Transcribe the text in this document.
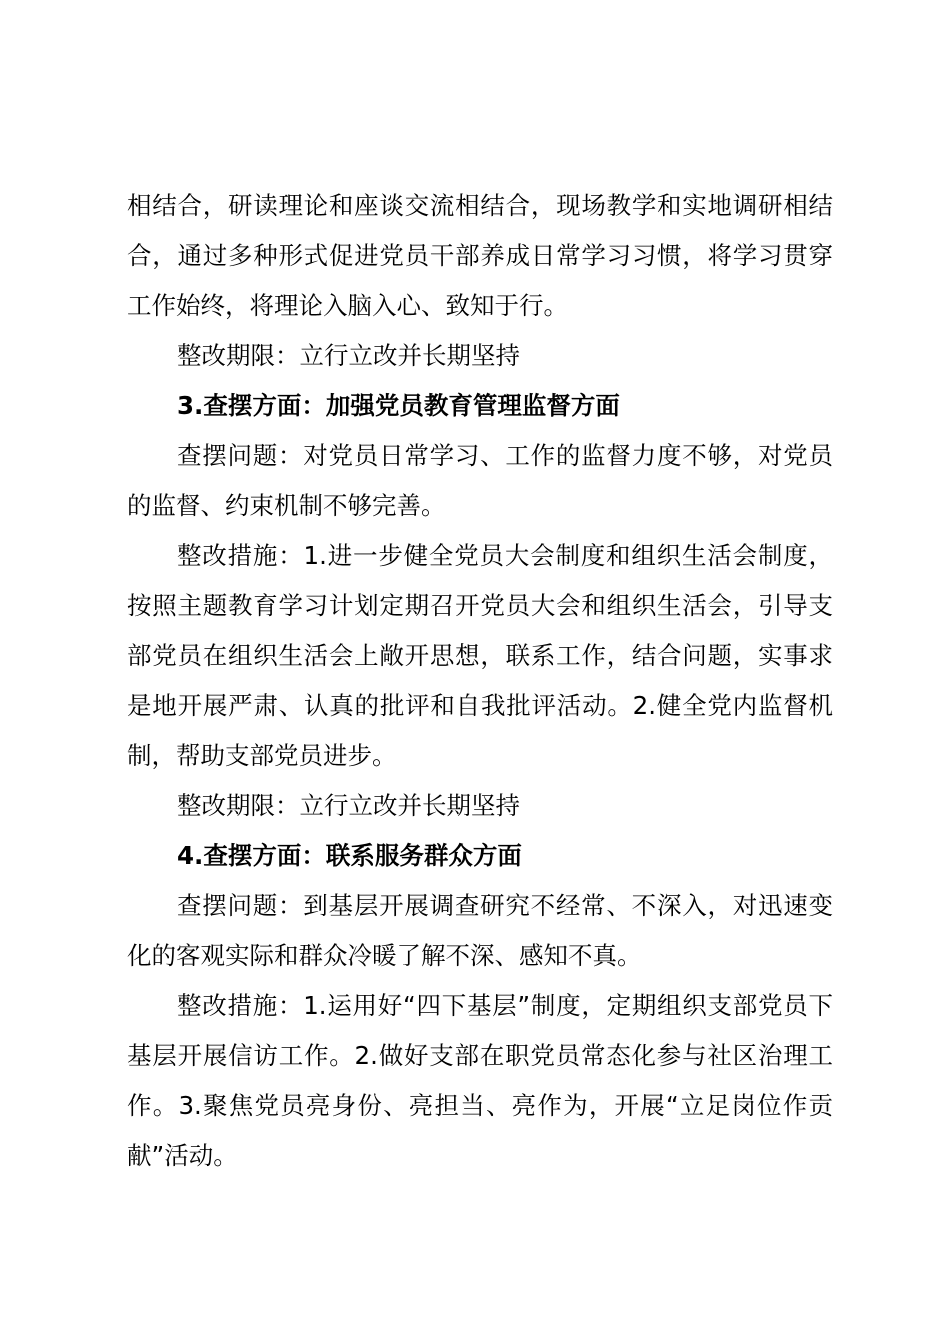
相结合，研读理论和座谈交流相结合，现场教学和实地调研相结合，通过多种形式促进党员干部养成日常学习习惯，将学习贯穿工作始终，将理论入脑入心、致知于行。

整改期限：立行立改并长期坚持

3.查摆方面：加强党员教育管理监督方面

查摆问题：对党员日常学习、工作的监督力度不够，对党员的监督、约束机制不够完善。

整改措施：1.进一步健全党员大会制度和组织生活会制度，按照主题教育学习计划定期召开党员大会和组织生活会，引导支部党员在组织生活会上敞开思想，联系工作，结合问题，实事求是地开展严肃、认真的批评和自我批评活动。2.健全党内监督机制，帮助支部党员进步。

整改期限：立行立改并长期坚持

4.查摆方面：联系服务群众方面

查摆问题：到基层开展调查研究不经常、不深入，对迅速变化的客观实际和群众冷暖了解不深、感知不真。

整改措施：1.运用好“四下基层”制度，定期组织支部党员下基层开展信访工作。2.做好支部在职党员常态化参与社区治理工作。3.聚焦党员亮身份、亮担当、亮作为，开展“立足岗位作贡献”活动。
